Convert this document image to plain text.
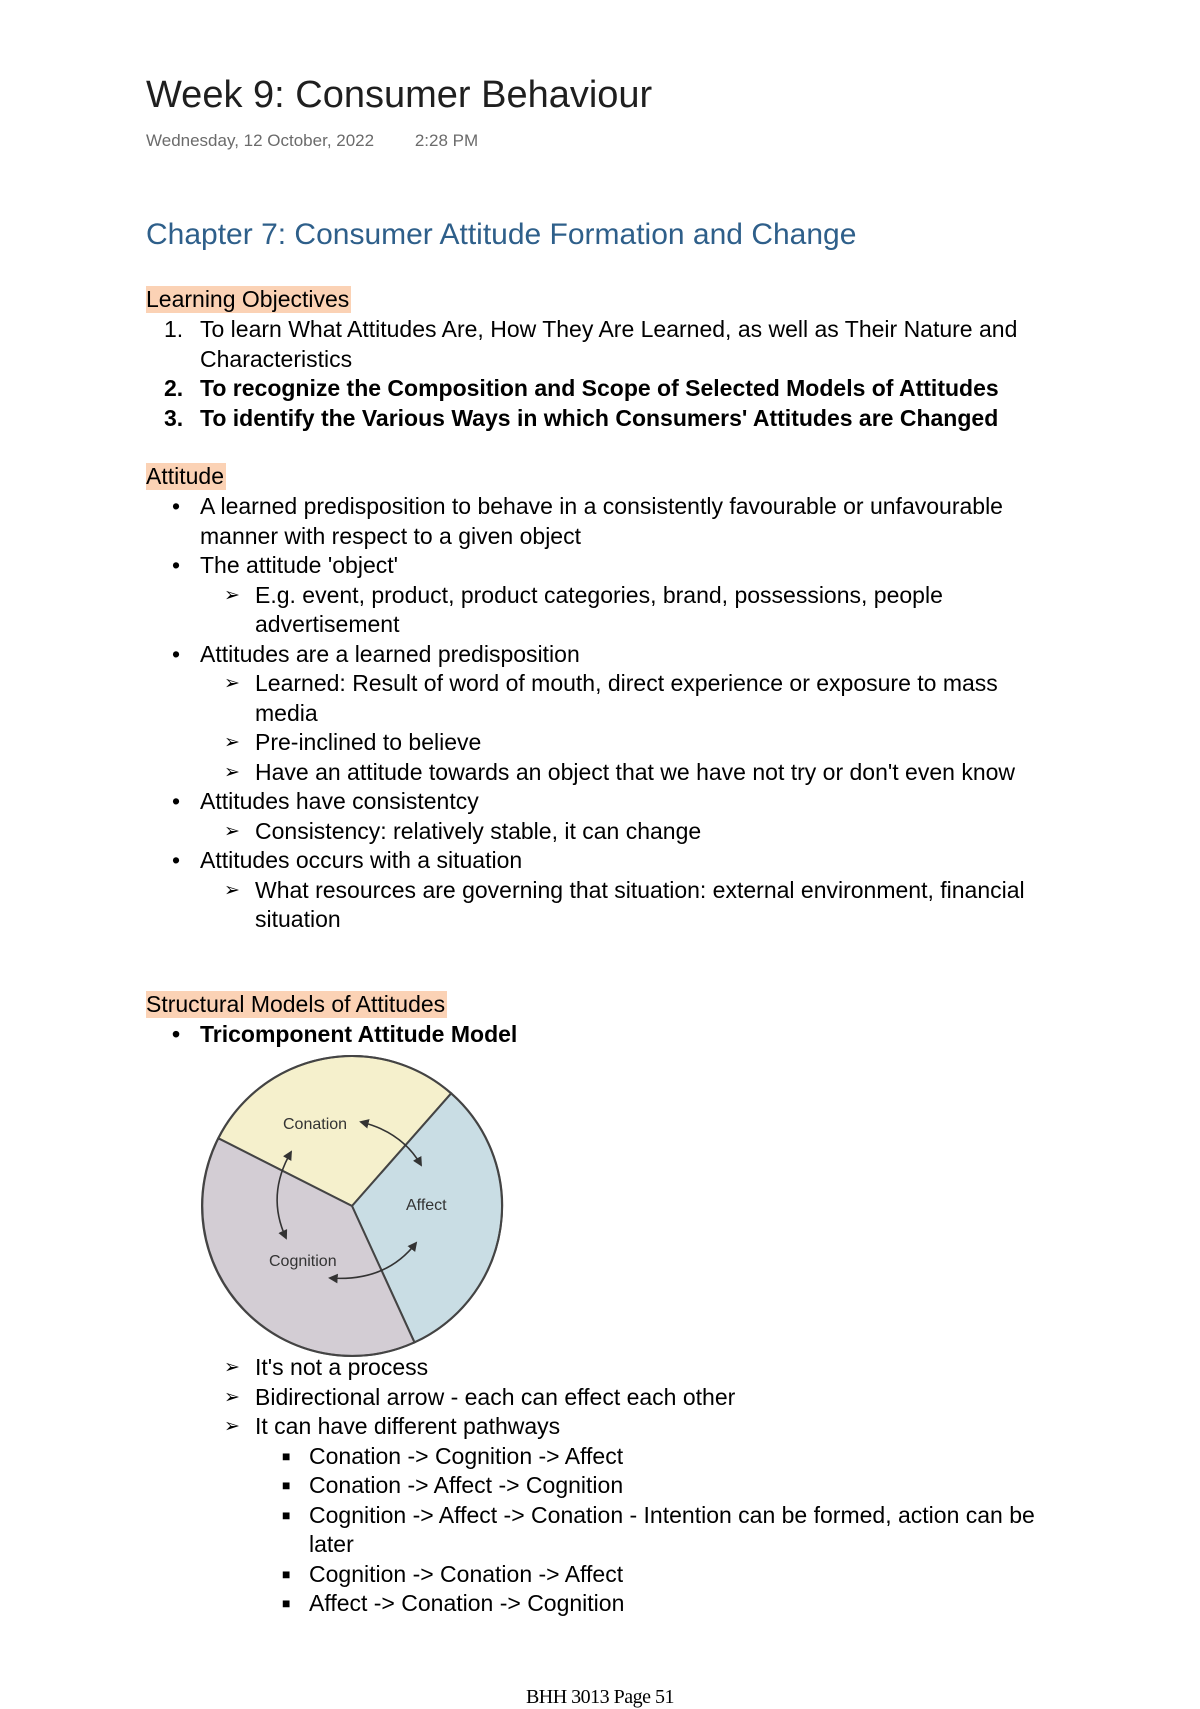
Week 9: Consumer Behaviour
Wednesday, 12 October, 2022 2:28 PM
Chapter 7: Consumer Attitude Formation and Change
Learning Objectives
1. To learn What Attitudes Are, How They Are Learned, as well as Their Nature and Characteristics
2. To recognize the Composition and Scope of Selected Models of Attitudes
3. To identify the Various Ways in which Consumers' Attitudes are Changed
Attitude
• A learned predisposition to behave in a consistently favourable or unfavourable manner with respect to a given object
• The attitude 'object'
➢ E.g. event, product, product categories, brand, possessions, people advertisement
• Attitudes are a learned predisposition
➢ Learned: Result of word of mouth, direct experience or exposure to mass media
➢ Pre-inclined to believe
➢ Have an attitude towards an object that we have not try or don't even know
• Attitudes have consistentcy
➢ Consistency: relatively stable, it can change
• Attitudes occurs with a situation
➢ What resources are governing that situation: external environment, financial situation
Structural Models of Attitudes
• Tricomponent Attitude Model
Conation
Affect
Cognition
➢ It's not a process
➢ Bidirectional arrow - each can effect each other
➢ It can have different pathways
■ Conation -> Cognition -> Affect
■ Conation -> Affect -> Cognition
■ Cognition -> Affect -> Conation - Intention can be formed, action can be later
■ Cognition -> Conation -> Affect
■ Affect -> Conation -> Cognition
BHH 3013 Page 51
